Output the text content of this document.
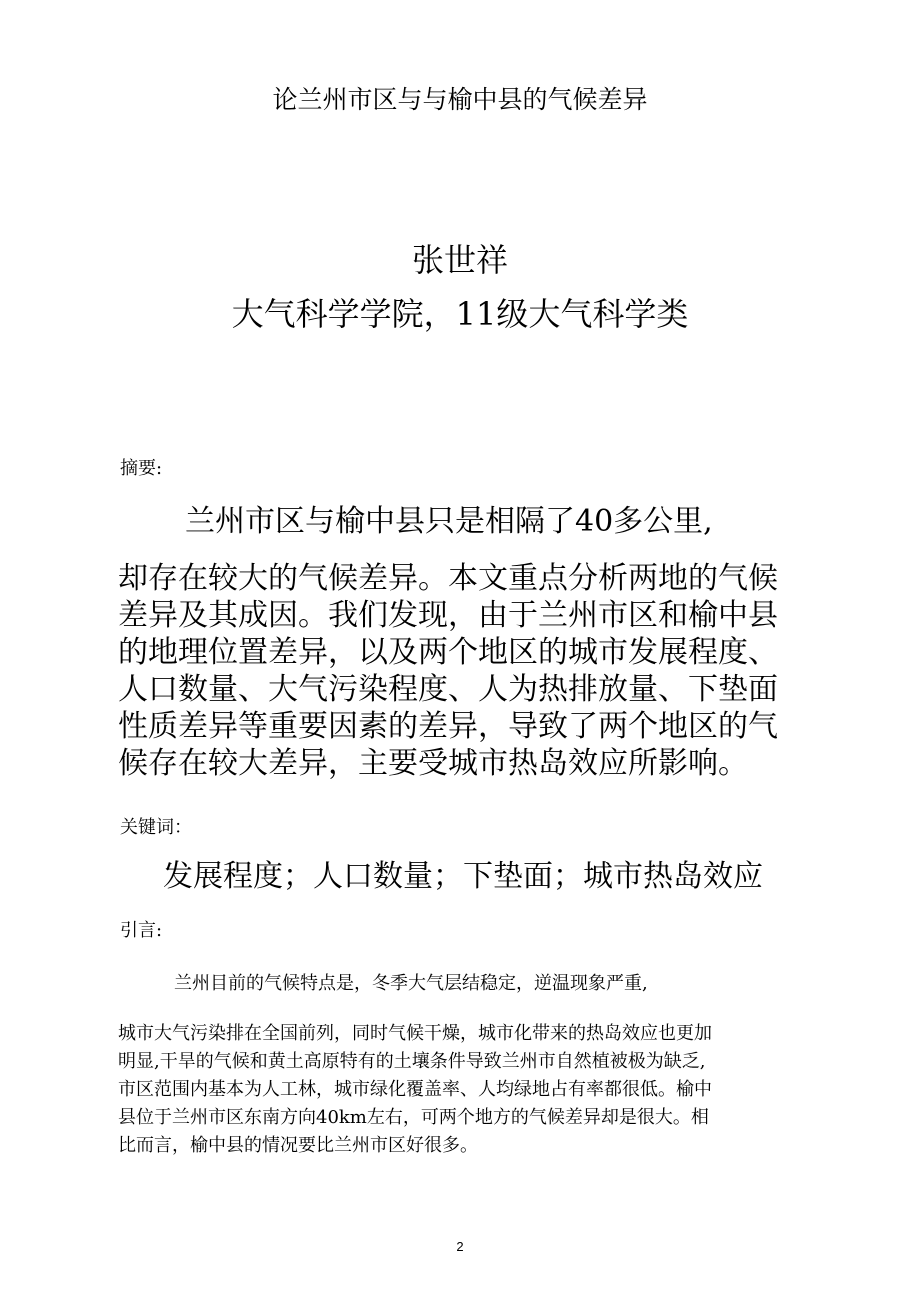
论兰州市区与与榆中县的气候差异
张世祥
大气科学学院，11级大气科学类
摘要:
兰州市区与榆中县只是相隔了40多公里,
却存在较大的气候差异。本文重点分析两地的气候
差异及其成因。我们发现，由于兰州市区和榆中县
的地理位置差异，以及两个地区的城市发展程度、
人口数量、大气污染程度、人为热排放量、下垫面
性质差异等重要因素的差异，导致了两个地区的气
候存在较大差异，主要受城市热岛效应所影响。
关键词：
发展程度；人口数量；下垫面；城市热岛效应
引言:
兰州目前的气候特点是，冬季大气层结稳定，逆温现象严重,
城市大气污染排在全国前列，同时气候干燥，城市化带来的热岛效应也更加
明显,干旱的气候和黄土高原特有的土壤条件导致兰州市自然植被极为缺乏,
市区范围内基本为人工林，城市绿化覆盖率、人均绿地占有率都很低。榆中
县位于兰州市区东南方向40km左右，可两个地方的气候差异却是很大。相
比而言，榆中县的情况要比兰州市区好很多。
2
